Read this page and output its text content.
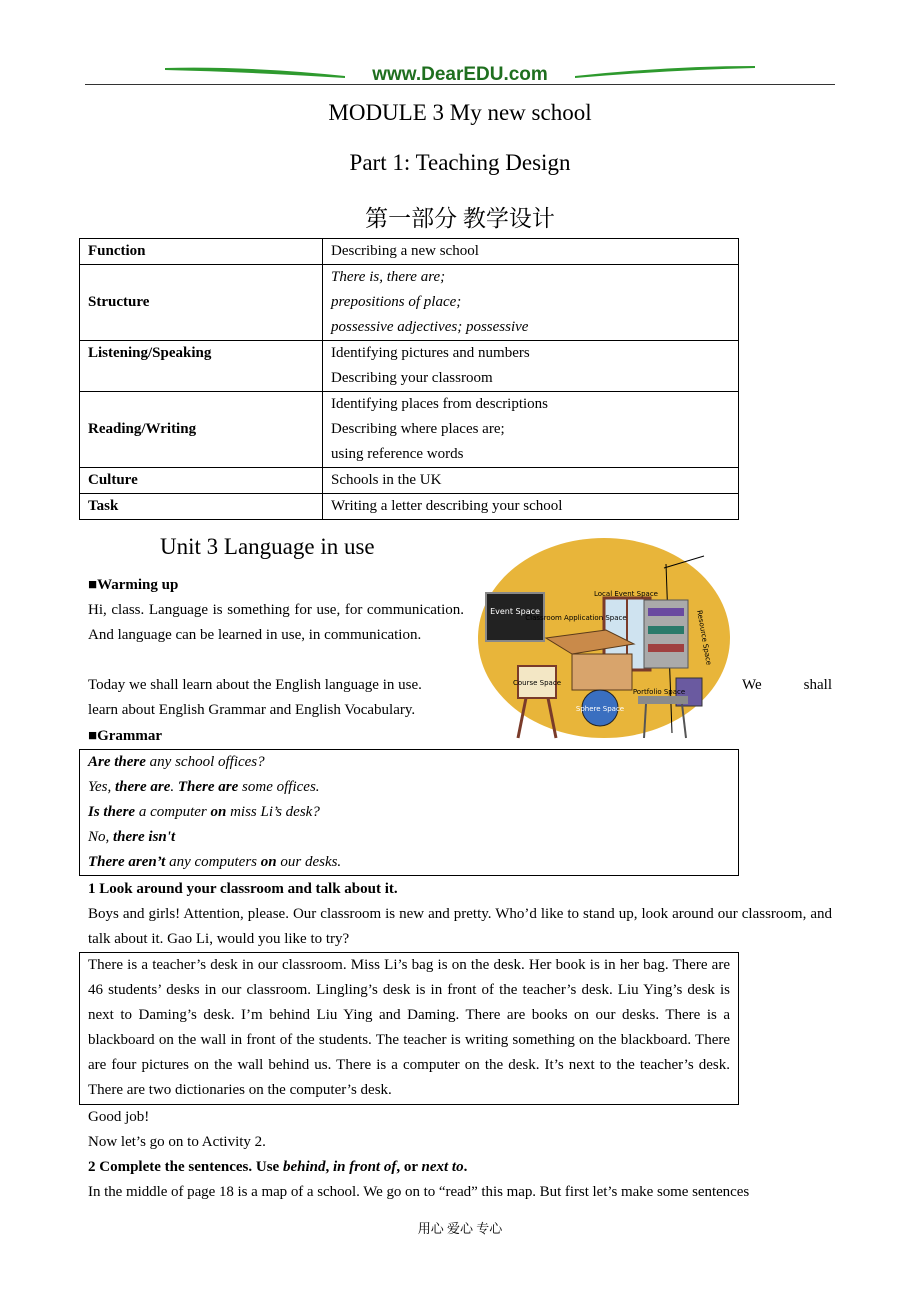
www.DearEDU.com
MODULE 3 My new school
Part 1: Teaching Design
第一部分 教学设计
Function	Describing a new school

Structure	There is, there are;
prepositions of place;
possessive adjectives; possessive

Listening/Speaking	Identifying pictures and numbers
Describing your classroom

Reading/Writing	Identifying places from descriptions
Describing where places are;
using reference words

Culture	Schools in the UK

Task	Writing a letter describing your school
Unit 3 Language in use
■Warming up
Hi, class. Language is something for use, for communication. And language can be learned in use, in communication.
Today we shall learn about the English language in use.	We shall
learn about English Grammar and English Vocabulary.
Event Space
Classroom Application Space
Local Event Space
Resource Space
Course Space
Sphere Space
Portfolio Space
■Grammar
Are there any school offices?
Yes, there are. There are some offices.
Is there a computer on miss Li’s desk?
No, there isn't
There aren’t any computers on our desks.
1 Look around your classroom and talk about it.
Boys and girls! Attention, please. Our classroom is new and pretty. Who’d like to stand up, look around our classroom, and talk about it. Gao Li, would you like to try?
There is a teacher’s desk in our classroom. Miss Li’s bag is on the desk. Her book is in her bag. There are 46 students’ desks in our classroom. Lingling’s desk is in front of the teacher’s desk. Liu Ying’s desk is next to Daming’s desk. I’m behind Liu Ying and Daming. There are books on our desks. There is a blackboard on the wall in front of the students. The teacher is writing something on the blackboard. There are four pictures on the wall behind us. There is a computer on the desk. It’s next to the teacher’s desk. There are two dictionaries on the computer’s desk.
Good job!
Now let’s go on to Activity 2.
2 Complete the sentences. Use behind, in front of, or next to.
In the middle of page 18 is a map of a school. We go on to “read” this map. But first let’s make some sentences
用心 爱心 专心
